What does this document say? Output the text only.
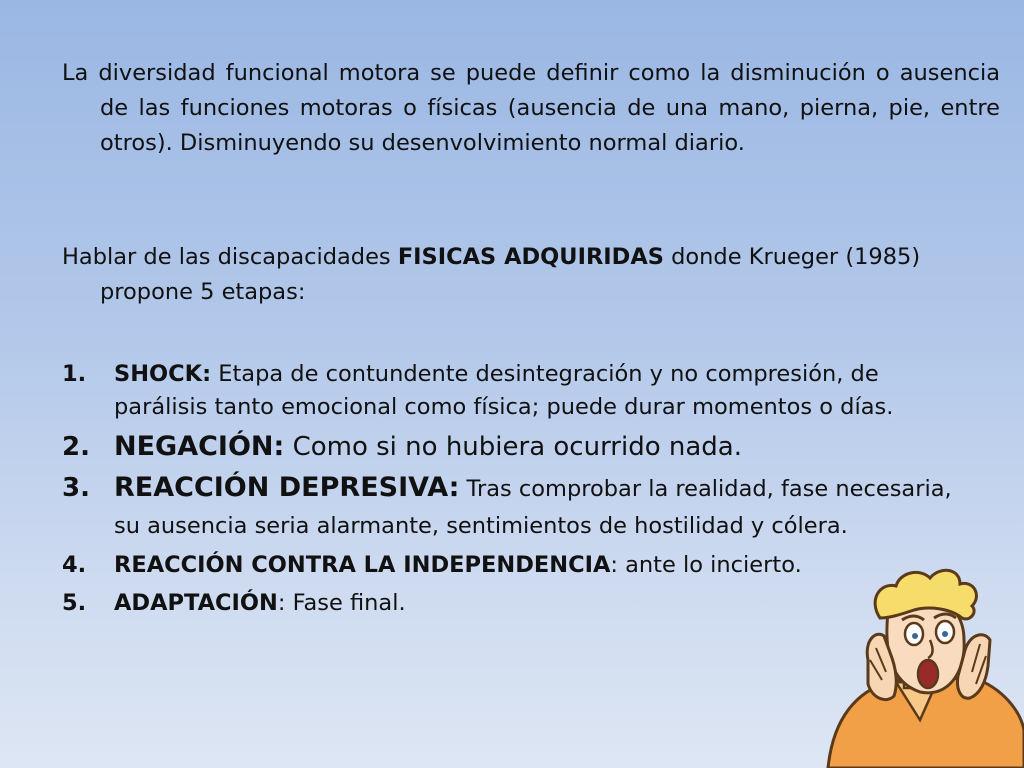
La diversidad funcional motora se puede definir como la disminución o ausencia de las funciones motoras o físicas (ausencia de una mano, pierna, pie, entre otros). Disminuyendo su desenvolvimiento normal diario.

Hablar de las discapacidades FISICAS ADQUIRIDAS donde Krueger (1985) propone 5 etapas:

1. SHOCK: Etapa de contundente desintegración y no compresión, de parálisis tanto emocional como física; puede durar momentos o días.
2. NEGACIÓN: Como si no hubiera ocurrido nada.
3. REACCIÓN DEPRESIVA: Tras comprobar la realidad, fase necesaria, su ausencia seria alarmante, sentimientos de hostilidad y cólera.
4. REACCIÓN CONTRA LA INDEPENDENCIA: ante lo incierto.
5. ADAPTACIÓN: Fase final.
